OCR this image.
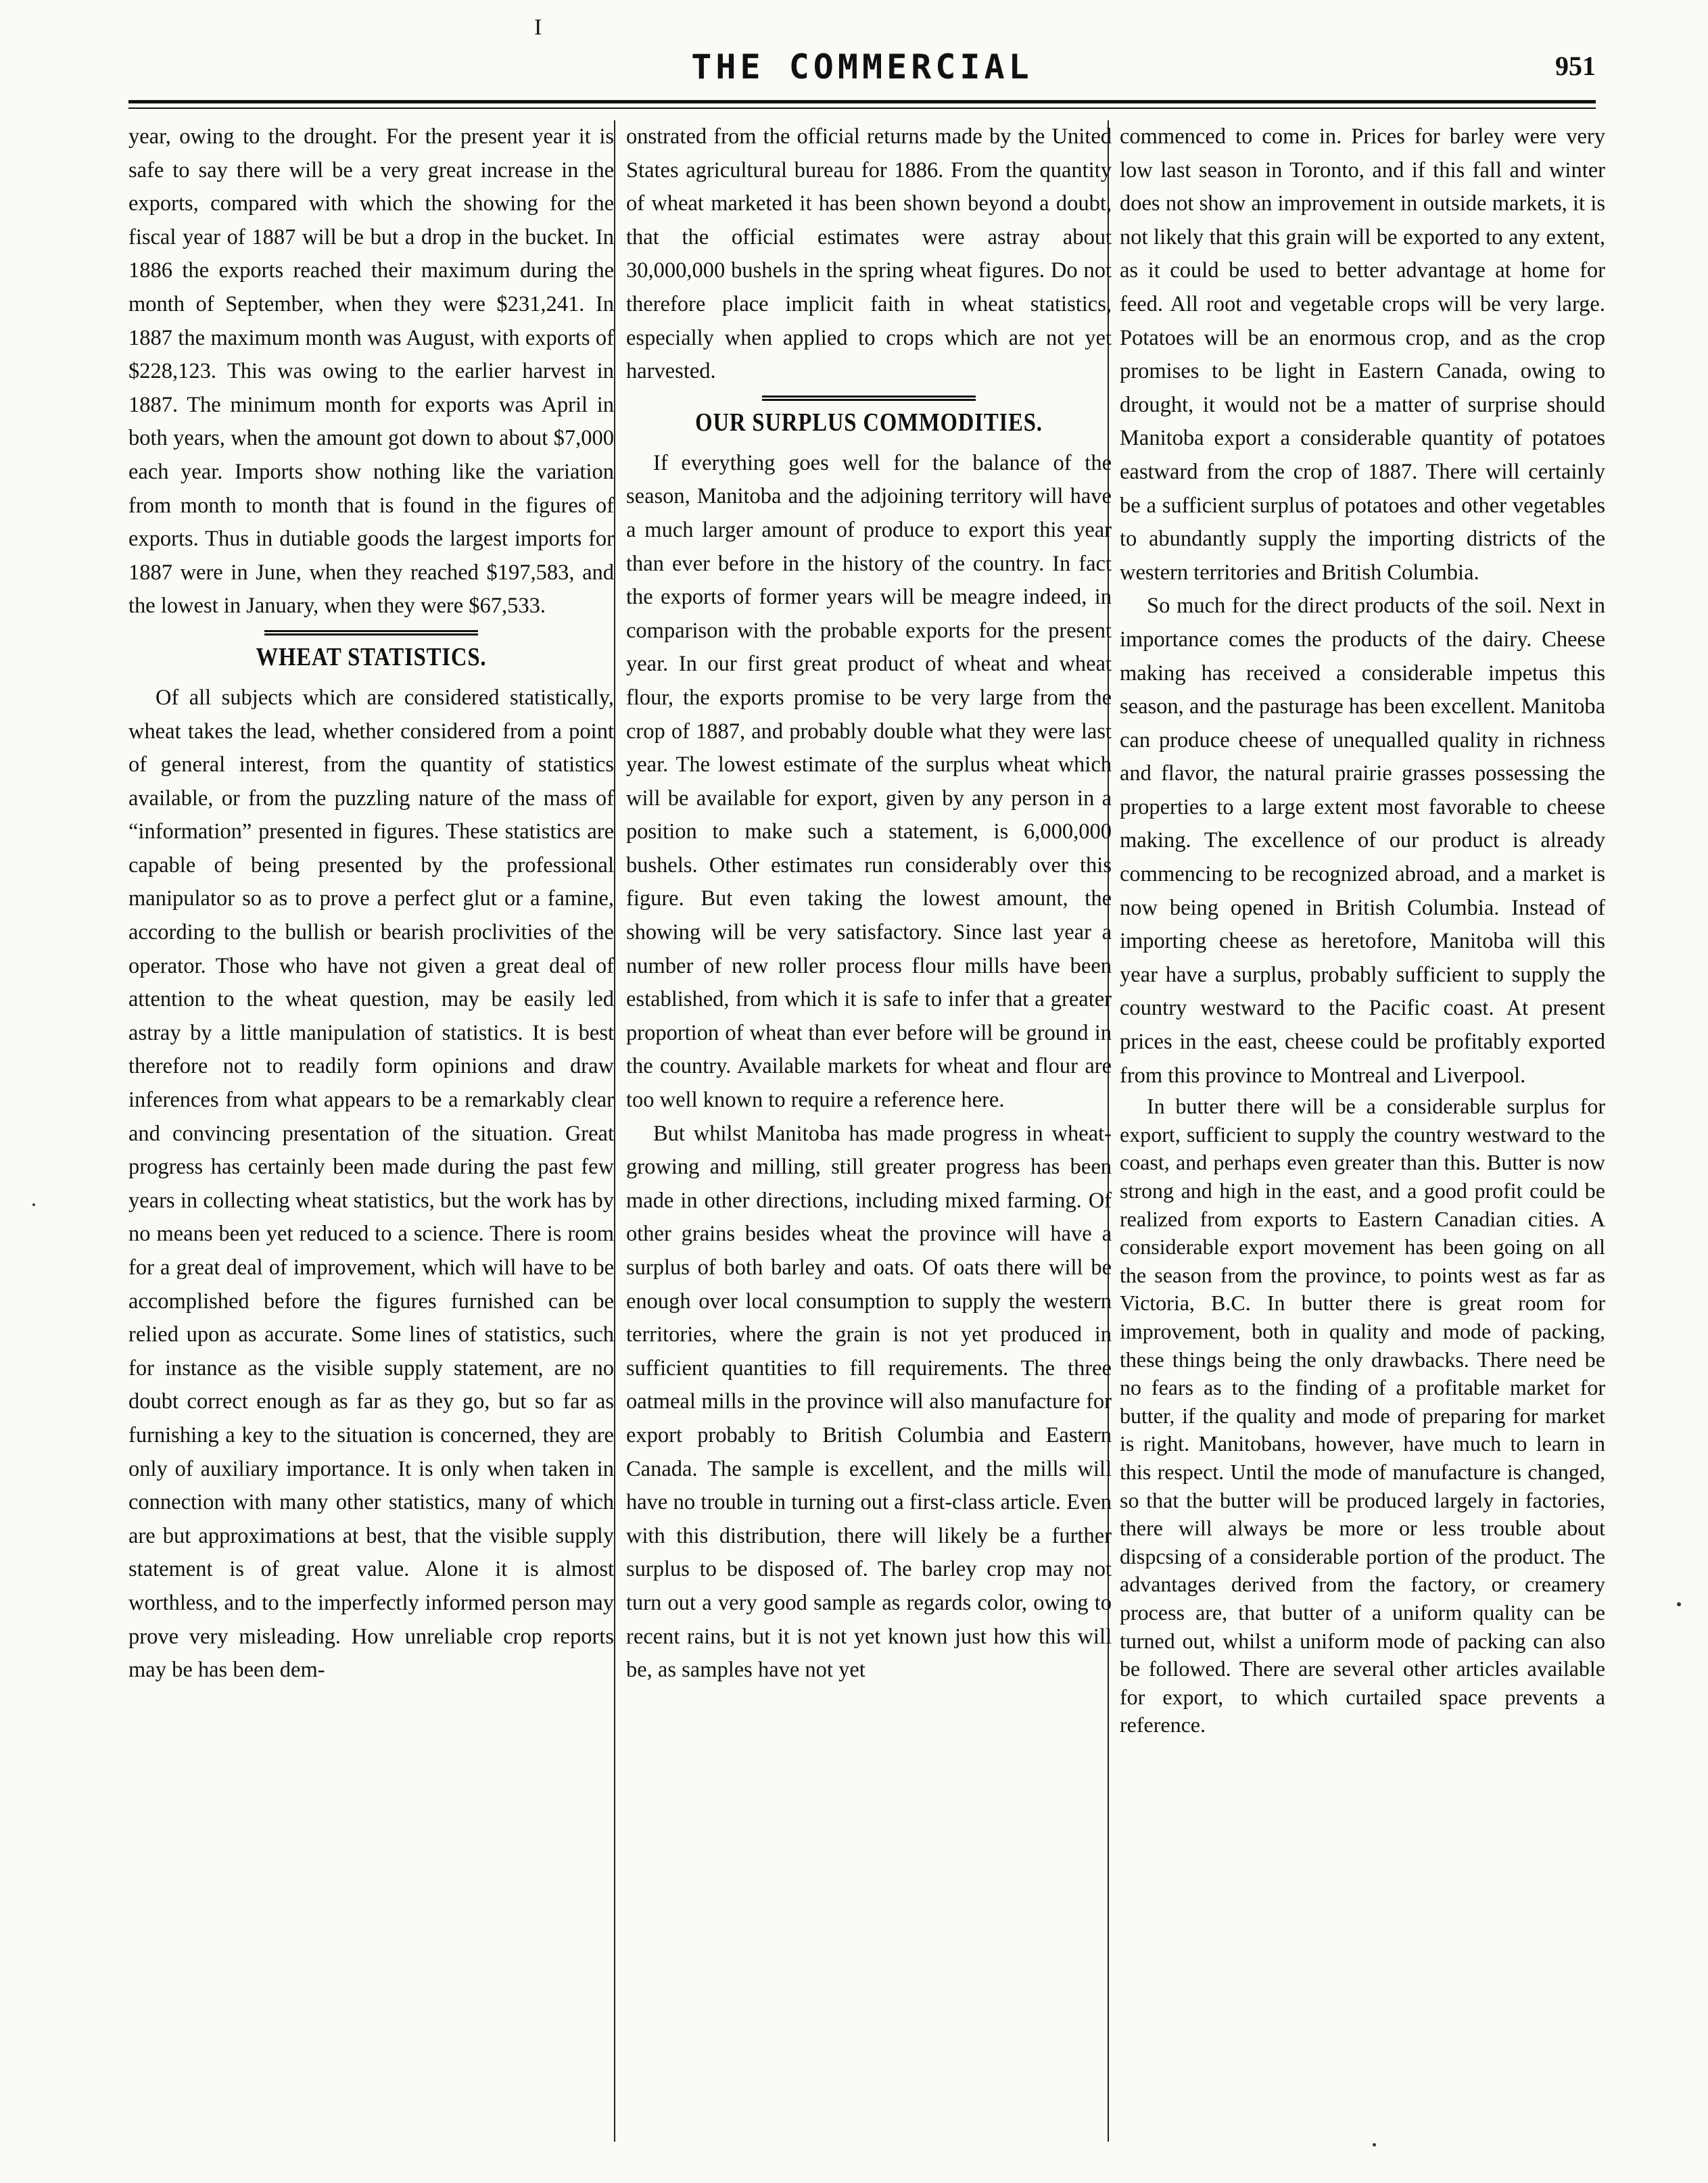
I
THE COMMERCIAL	951

year, owing to the drought. For the present year it is safe to say there will be a very great increase in the exports, compared with which the showing for the fiscal year of 1887 will be but a drop in the bucket. In 1886 the exports reached their maximum during the month of September, when they were $231,241. In 1887 the maximum month was August, with exports of $228,123. This was owing to the earlier harvest in 1887. The minimum month for exports was April in both years, when the amount got down to about $7,000 each year. Imports show nothing like the variation from month to month that is found in the figures of exports. Thus in dutiable goods the largest imports for 1887 were in June, when they reached $197,583, and the lowest in January, when they were $67,533.

WHEAT STATISTICS.

Of all subjects which are considered statistically, wheat takes the lead, whether considered from a point of general interest, from the quantity of statistics available, or from the puzzling nature of the mass of “information” presented in figures. These statistics are capable of being presented by the professional manipulator so as to prove a perfect glut or a famine, according to the bullish or bearish proclivities of the operator. Those who have not given a great deal of attention to the wheat question, may be easily led astray by a little manipulation of statistics. It is best therefore not to readily form opinions and draw inferences from what appears to be a remarkably clear and convincing presentation of the situation. Great progress has certainly been made during the past few years in collecting wheat statistics, but the work has by no means been yet reduced to a science. There is room for a great deal of improvement, which will have to be accomplished before the figures furnished can be relied upon as accurate. Some lines of statistics, such for instance as the visible supply statement, are no doubt correct enough as far as they go, but so far as furnishing a key to the situation is concerned, they are only of auxiliary importance. It is only when taken in connection with many other statistics, many of which are but approximations at best, that the visible supply statement is of great value. Alone it is almost worthless, and to the imperfectly informed person may prove very misleading. How unreliable crop reports may be has been dem-

onstrated from the official returns made by the United States agricultural bureau for 1886. From the quantity of wheat marketed it has been shown beyond a doubt, that the official estimates were astray about 30,000,000 bushels in the spring wheat figures. Do not therefore place implicit faith in wheat statistics, especially when applied to crops which are not yet harvested.

OUR SURPLUS COMMODITIES.

If everything goes well for the balance of the season, Manitoba and the adjoining territory will have a much larger amount of produce to export this year than ever before in the history of the country. In fact the exports of former years will be meagre indeed, in comparison with the probable exports for the present year. In our first great product of wheat and wheat flour, the exports promise to be very large from the crop of 1887, and probably double what they were last year. The lowest estimate of the surplus wheat which will be available for export, given by any person in a position to make such a statement, is 6,000,000 bushels. Other estimates run considerably over this figure. But even taking the lowest amount, the showing will be very satisfactory. Since last year a number of new roller process flour mills have been established, from which it is safe to infer that a greater proportion of wheat than ever before will be ground in the country. Available markets for wheat and flour are too well known to require a reference here.

But whilst Manitoba has made progress in wheat-growing and milling, still greater progress has been made in other directions, including mixed farming. Of other grains besides wheat the province will have a surplus of both barley and oats. Of oats there will be enough over local consumption to supply the western territories, where the grain is not yet produced in sufficient quantities to fill requirements. The three oatmeal mills in the province will also manufacture for export probably to British Columbia and Eastern Canada. The sample is excellent, and the mills will have no trouble in turning out a first-class article. Even with this distribution, there will likely be a further surplus to be disposed of. The barley crop may not turn out a very good sample as regards color, owing to recent rains, but it is not yet known just how this will be, as samples have not yet

commenced to come in. Prices for barley were very low last season in Toronto, and if this fall and winter does not show an improvement in outside markets, it is not likely that this grain will be exported to any extent, as it could be used to better advantage at home for feed. All root and vegetable crops will be very large. Potatoes will be an enormous crop, and as the crop promises to be light in Eastern Canada, owing to drought, it would not be a matter of surprise should Manitoba export a considerable quantity of potatoes eastward from the crop of 1887. There will certainly be a sufficient surplus of potatoes and other vegetables to abundantly supply the importing districts of the western territories and British Columbia.

So much for the direct products of the soil. Next in importance comes the products of the dairy. Cheese making has received a considerable impetus this season, and the pasturage has been excellent. Manitoba can produce cheese of unequalled quality in richness and flavor, the natural prairie grasses possessing the properties to a large extent most favorable to cheese making. The excellence of our product is already commencing to be recognized abroad, and a market is now being opened in British Columbia. Instead of importing cheese as heretofore, Manitoba will this year have a surplus, probably sufficient to supply the country westward to the Pacific coast. At present prices in the east, cheese could be profitably exported from this province to Montreal and Liverpool.

In butter there will be a considerable surplus for export, sufficient to supply the country westward to the coast, and perhaps even greater than this. Butter is now strong and high in the east, and a good profit could be realized from exports to Eastern Canadian cities. A considerable export movement has been going on all the season from the province, to points west as far as Victoria, B.C. In butter there is great room for improvement, both in quality and mode of packing, these things being the only drawbacks. There need be no fears as to the finding of a profitable market for butter, if the quality and mode of preparing for market is right. Manitobans, however, have much to learn in this respect. Until the mode of manufacture is changed, so that the butter will be produced largely in factories, there will always be more or less trouble about dispcsing of a considerable portion of the product. The advantages derived from the factory, or creamery process are, that butter of a uniform quality can be turned out, whilst a uniform mode of packing can also be followed. There are several other articles available for export, to which curtailed space prevents a reference.
